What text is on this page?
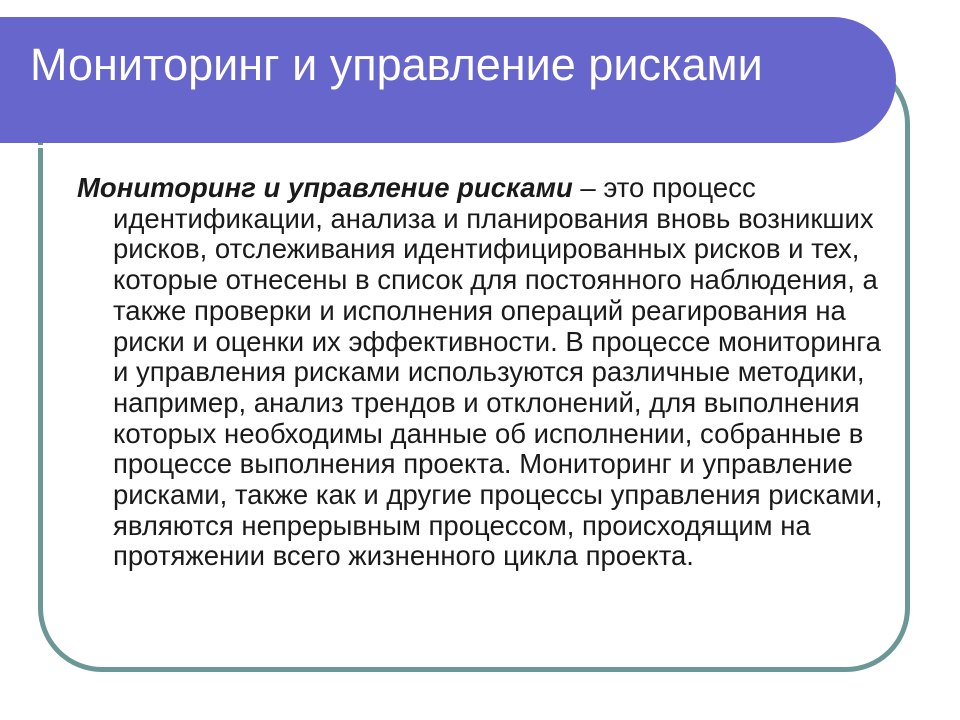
Мониторинг и управление рисками

Мониторинг и управление рисками – это процесс идентификации, анализа и планирования вновь возникших рисков, отслеживания идентифицированных рисков и тех, которые отнесены в список для постоянного наблюдения, а также проверки и исполнения операций реагирования на риски и оценки их эффективности. В процессе мониторинга и управления рисками используются различные методики, например, анализ трендов и отклонений, для выполнения которых необходимы данные об исполнении, собранные в процессе выполнения проекта. Мониторинг и управление рисками, также как и другие процессы управления рисками, являются непрерывным процессом, происходящим на протяжении всего жизненного цикла проекта.
